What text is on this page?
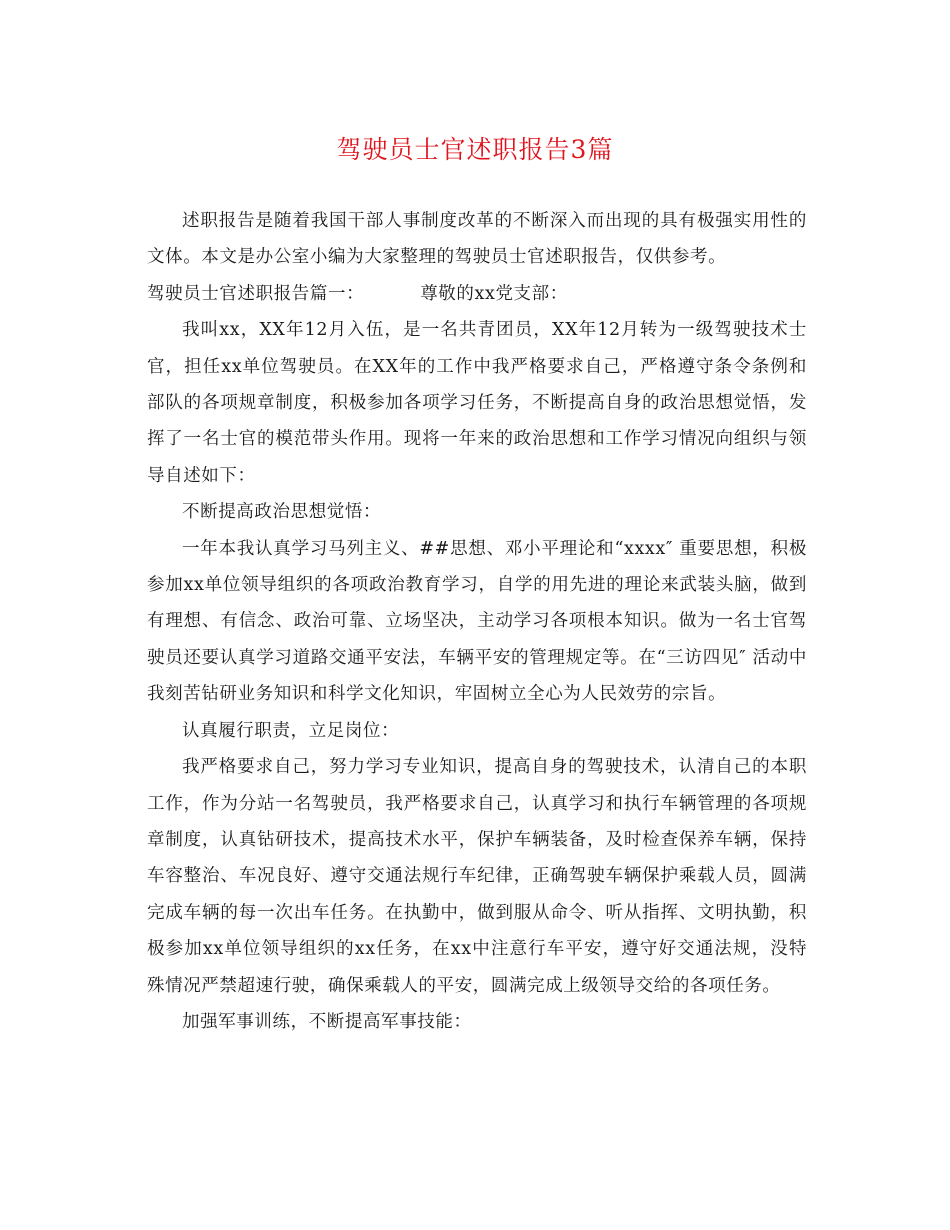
驾驶员士官述职报告3篇

述职报告是随着我国干部人事制度改革的不断深入而出现的具有极强实用性的文体。本文是办公室小编为大家整理的驾驶员士官述职报告，仅供参考。

驾驶员士官述职报告篇一：	尊敬的xx党支部：

我叫xx，XX年12月入伍，是一名共青团员，XX年12月转为一级驾驶技术士官，担任xx单位驾驶员。在XX年的工作中我严格要求自己，严格遵守条令条例和部队的各项规章制度，积极参加各项学习任务，不断提高自身的政治思想觉悟，发挥了一名士官的模范带头作用。现将一年来的政治思想和工作学习情况向组织与领导自述如下：

不断提高政治思想觉悟：

一年本我认真学习马列主义、##思想、邓小平理论和“xxxx″ 重要思想，积极参加xx单位领导组织的各项政治教育学习，自学的用先进的理论来武装头脑，做到有理想、有信念、政治可靠、立场坚决，主动学习各项根本知识。做为一名士官驾驶员还要认真学习道路交通平安法，车辆平安的管理规定等。在“三访四见″ 活动中我刻苦钻研业务知识和科学文化知识，牢固树立全心为人民效劳的宗旨。

认真履行职责，立足岗位：

我严格要求自己，努力学习专业知识，提高自身的驾驶技术，认清自己的本职工作，作为分站一名驾驶员，我严格要求自己，认真学习和执行车辆管理的各项规章制度，认真钻研技术，提高技术水平，保护车辆装备，及时检查保养车辆，保持车容整治、车况良好、遵守交通法规行车纪律，正确驾驶车辆保护乘载人员，圆满完成车辆的每一次出车任务。在执勤中，做到服从命令、听从指挥、文明执勤，积极参加xx单位领导组织的xx任务，在xx中注意行车平安，遵守好交通法规，没特殊情况严禁超速行驶，确保乘载人的平安，圆满完成上级领导交给的各项任务。

加强军事训练，不断提高军事技能：
